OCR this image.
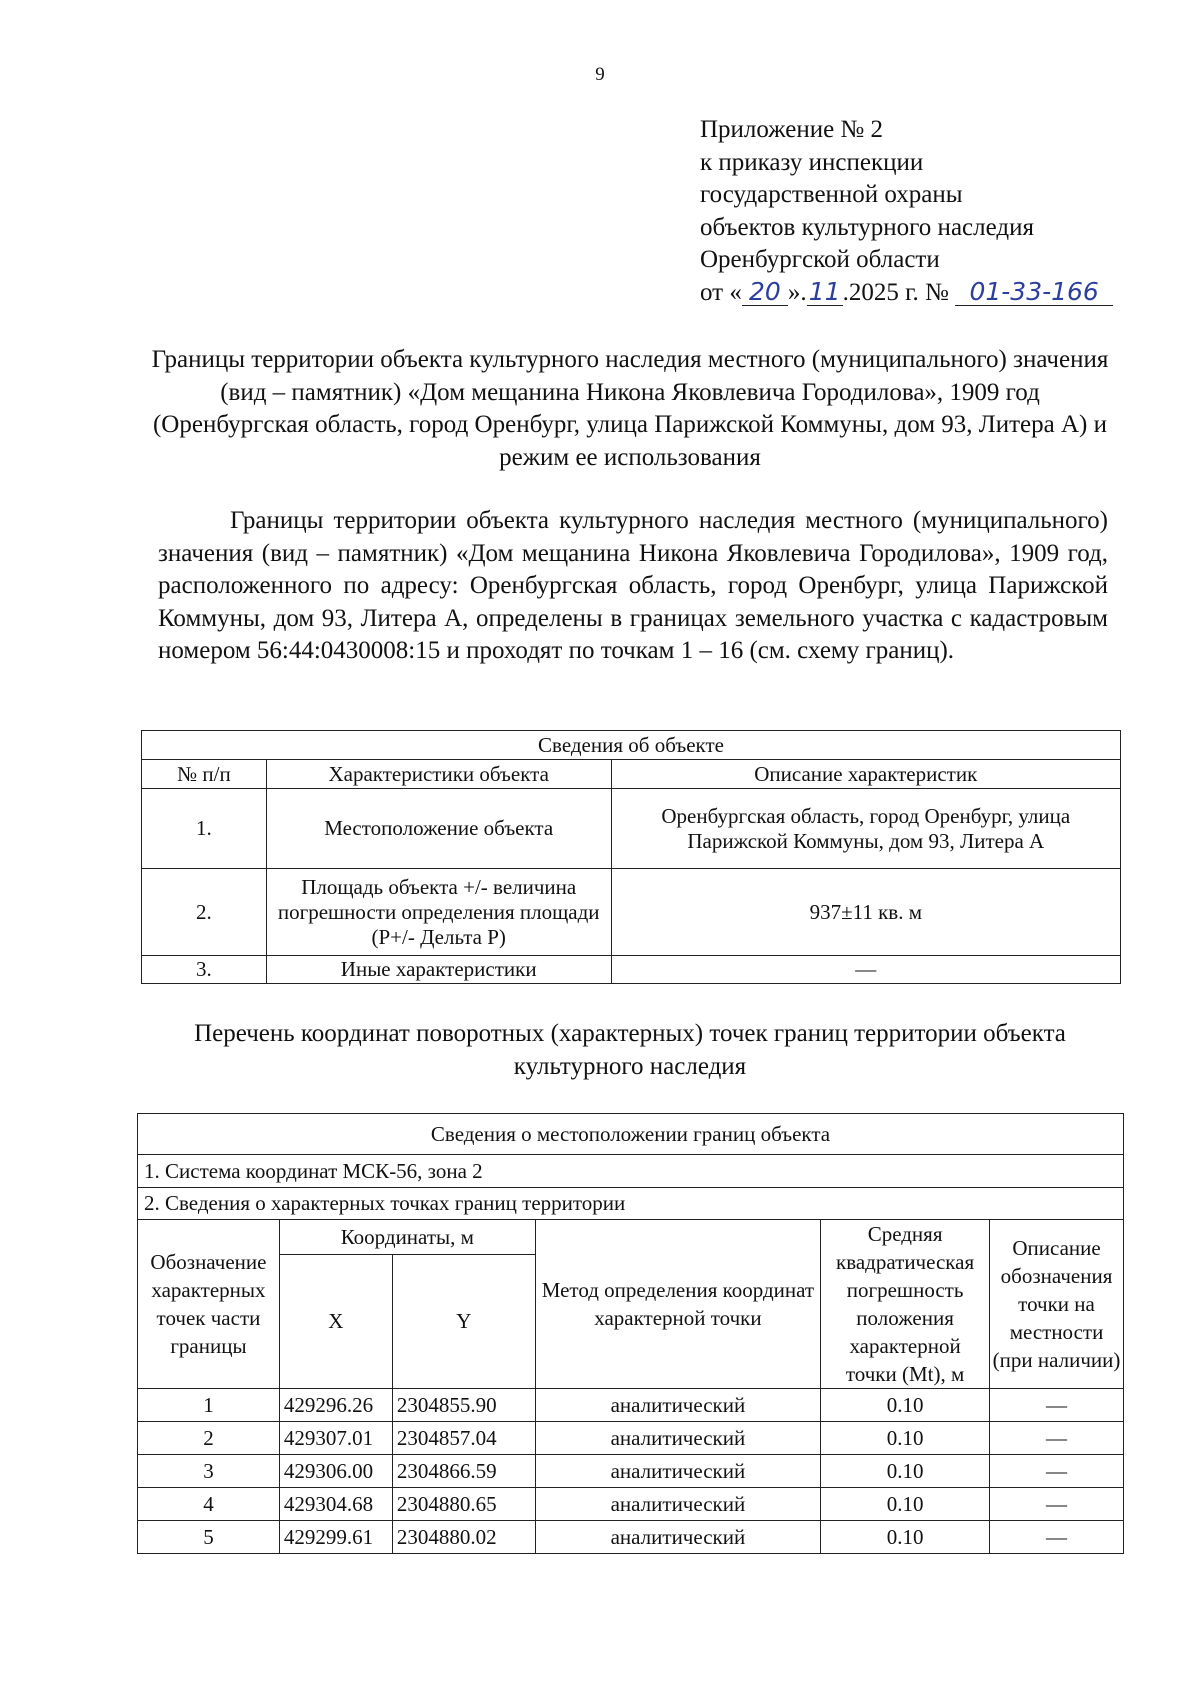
9
Приложение № 2
к приказу инспекции
государственной охраны
объектов культурного наследия
Оренбургской области
от « 20 ».11.2025 г. № 01-33-166
Границы территории объекта культурного наследия местного (муниципального) значения (вид – памятник) «Дом мещанина Никона Яковлевича Городилова», 1909 год (Оренбургская область, город Оренбург, улица Парижской Коммуны, дом 93, Литера А) и режим ее использования
Границы территории объекта культурного наследия местного (муниципального) значения (вид – памятник) «Дом мещанина Никона Яковлевича Городилова», 1909 год, расположенного по адресу: Оренбургская область, город Оренбург, улица Парижской Коммуны, дом 93, Литера А, определены в границах земельного участка с кадастровым номером 56:44:0430008:15 и проходят по точкам 1 – 16 (см. схему границ).
Сведения об объекте		
№ п/п	Характеристики объекта	Описание характеристик
1.	Местоположение объекта	Оренбургская область, город Оренбург, улица Парижской Коммуны, дом 93, Литера А
2.	Площадь объекта +/- величина погрешности определения площади (P+/- Дельта P)	937±11 кв. м
3.	Иные характеристики	—
Перечень координат поворотных (характерных) точек границ территории объекта культурного наследия
Сведения о местоположении границ объекта					
1. Система координат МСК-56, зона 2					
2. Сведения о характерных точках границ территории					
Обозначение характерных точек части границы	Координаты, м		Метод определения координат характерной точки	Средняя квадратическая погрешность положения характерной точки (Mt), м	Описание обозначения точки на местности (при наличии)
	X	Y			
1	429296.26	2304855.90	аналитический	0.10	—
2	429307.01	2304857.04	аналитический	0.10	—
3	429306.00	2304866.59	аналитический	0.10	—
4	429304.68	2304880.65	аналитический	0.10	—
5	429299.61	2304880.02	аналитический	0.10	—
